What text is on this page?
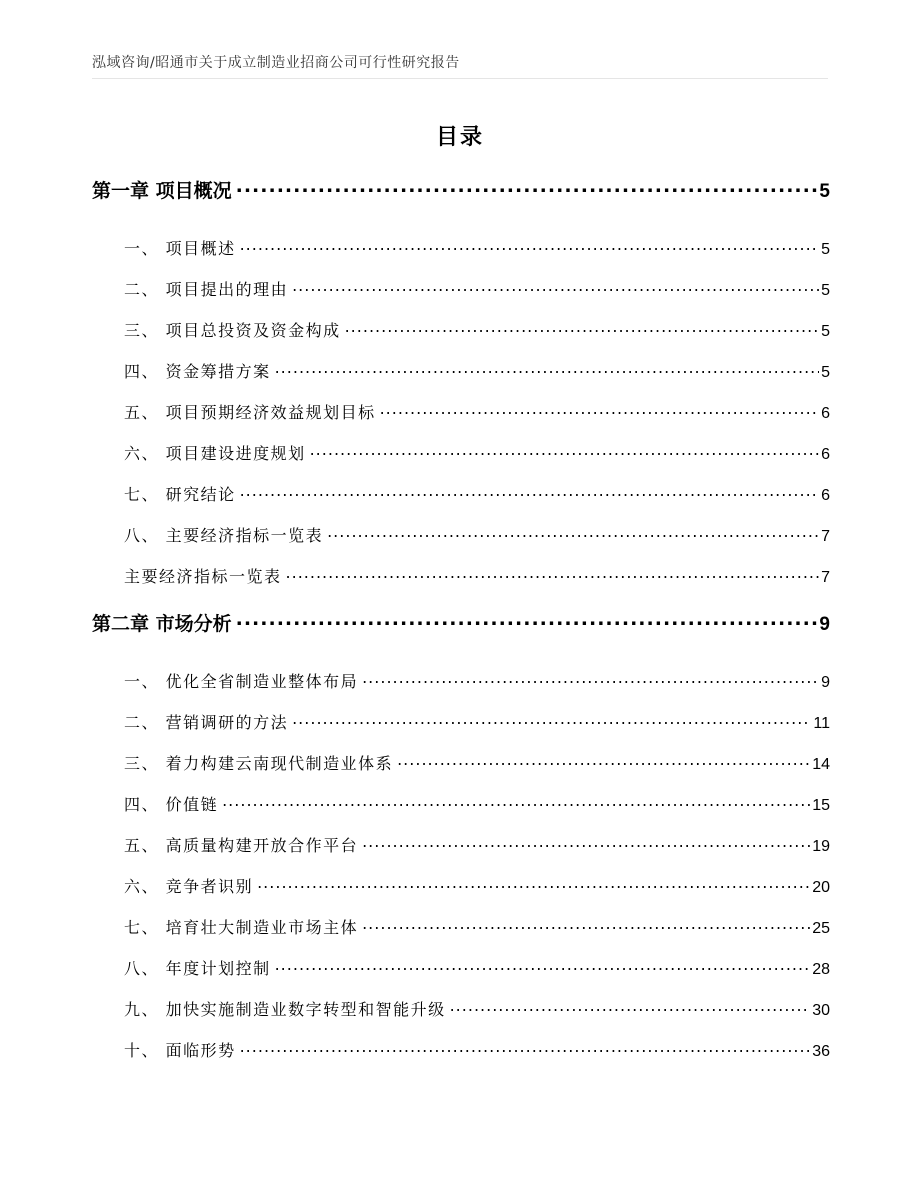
泓域咨询/昭通市关于成立制造业招商公司可行性研究报告
目录
第一章 项目概况 .....	5
一、 项目概述 .....	5
二、 项目提出的理由 .....	5
三、 项目总投资及资金构成 .....	5
四、 资金筹措方案 .....	5
五、 项目预期经济效益规划目标 .....	6
六、 项目建设进度规划 .....	6
七、 研究结论 .....	6
八、 主要经济指标一览表 .....	7
主要经济指标一览表 .....	7
第二章 市场分析 .....	9
一、 优化全省制造业整体布局 .....	9
二、 营销调研的方法 .....	11
三、 着力构建云南现代制造业体系 .....	14
四、 价值链 .....	15
五、 高质量构建开放合作平台 .....	19
六、 竞争者识别 .....	20
七、 培育壮大制造业市场主体 .....	25
八、 年度计划控制 .....	28
九、 加快实施制造业数字转型和智能升级 .....	30
十、 面临形势 .....	36
